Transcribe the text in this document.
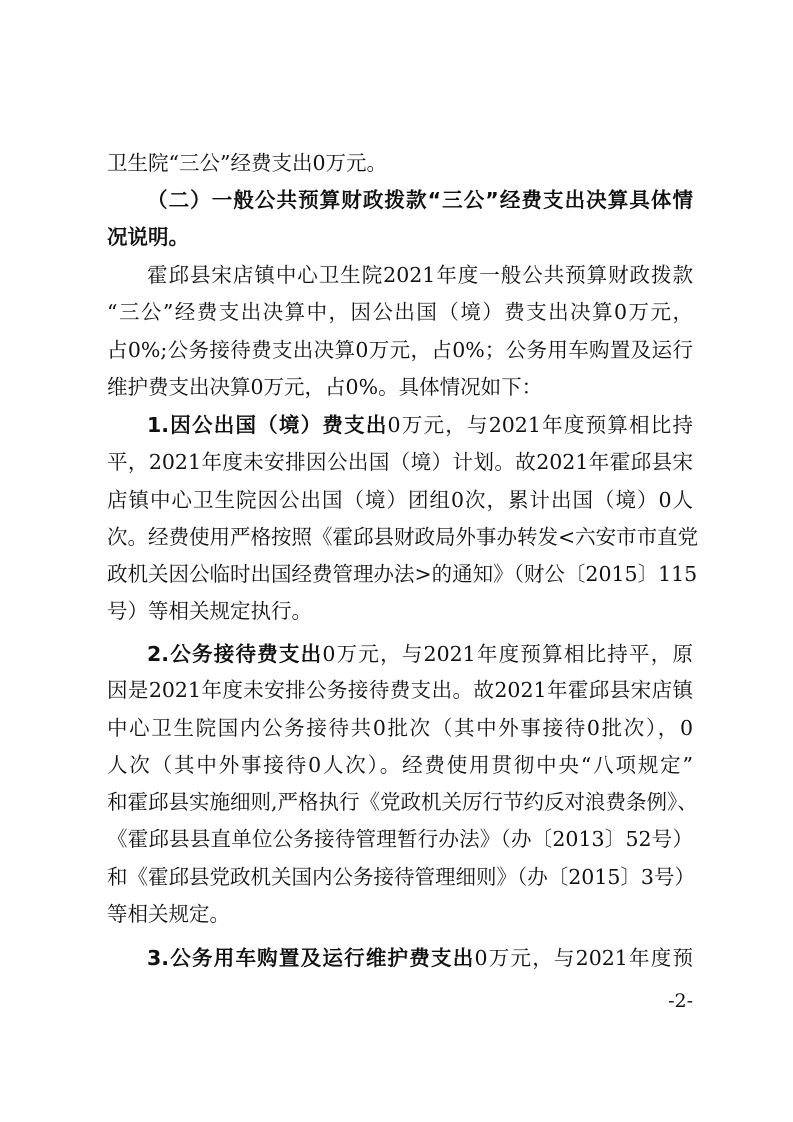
卫生院“三公”经费支出0万元。
（二）一般公共预算财政拨款“三公”经费支出决算具体情
况说明。
霍邱县宋店镇中心卫生院2021年度一般公共预算财政拨款
“三公”经费支出决算中，因公出国（境）费支出决算0万元，
占0%;公务接待费支出决算0万元，占0%；公务用车购置及运行
维护费支出决算0万元，占0%。具体情况如下：
1.因公出国（境）费支出0万元，与2021年度预算相比持
平，2021年度未安排因公出国（境）计划。故2021年霍邱县宋
店镇中心卫生院因公出国（境）团组0次，累计出国（境）0人
次。经费使用严格按照《霍邱县财政局外事办转发<六安市市直党
政机关因公临时出国经费管理办法>的通知》（财公〔2015〕115
号）等相关规定执行。
2.公务接待费支出0万元，与2021年度预算相比持平，原
因是2021年度未安排公务接待费支出。故2021年霍邱县宋店镇
中心卫生院国内公务接待共0批次（其中外事接待0批次），0
人次（其中外事接待0人次）。经费使用贯彻中央“八项规定”
和霍邱县实施细则,严格执行《党政机关厉行节约反对浪费条例》、
《霍邱县县直单位公务接待管理暂行办法》（办〔2013〕52号）
和《霍邱县党政机关国内公务接待管理细则》（办〔2015〕3号）
等相关规定。
3.公务用车购置及运行维护费支出0万元，与2021年度预
-2-
